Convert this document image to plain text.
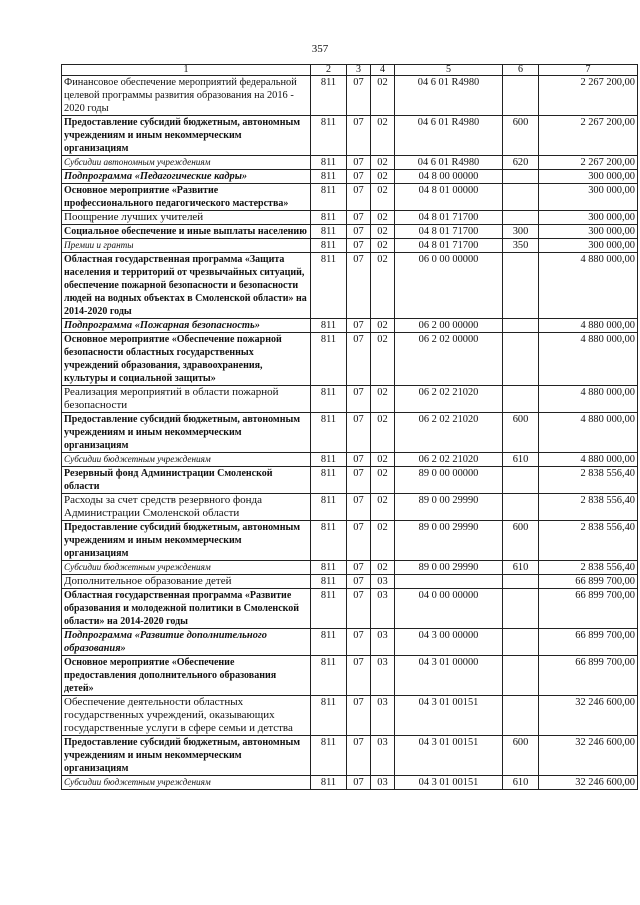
357
1	2	3	4	5	6	7
Финансовое обеспечение мероприятий федеральной целевой программы развития образования на 2016 - 2020 годы	811	07	02	04 6 01 R4980		2 267 200,00
Предоставление субсидий бюджетным, автономным учреждениям и иным некоммерческим организациям	811	07	02	04 6 01 R4980	600	2 267 200,00
Субсидии автономным учреждениям	811	07	02	04 6 01 R4980	620	2 267 200,00
Подпрограмма «Педагогические кадры»	811	07	02	04 8 00 00000		300 000,00
Основное мероприятие «Развитие профессионального педагогического мастерства»	811	07	02	04 8 01 00000		300 000,00
Поощрение лучших учителей	811	07	02	04 8 01 71700		300 000,00
Социальное обеспечение и иные выплаты населению	811	07	02	04 8 01 71700	300	300 000,00
Премии и гранты	811	07	02	04 8 01 71700	350	300 000,00
Областная государственная программа «Защита населения и территорий от чрезвычайных ситуаций, обеспечение пожарной безопасности и безопасности людей на водных объектах в Смоленской области» на 2014-2020 годы	811	07	02	06 0 00 00000		4 880 000,00
Подпрограмма «Пожарная безопасность»	811	07	02	06 2 00 00000		4 880 000,00
Основное мероприятие «Обеспечение пожарной безопасности областных государственных учреждений образования, здравоохранения, культуры и социальной защиты»	811	07	02	06 2 02 00000		4 880 000,00
Реализация мероприятий в области пожарной безопасности	811	07	02	06 2 02 21020		4 880 000,00
Предоставление субсидий бюджетным, автономным учреждениям и иным некоммерческим организациям	811	07	02	06 2 02 21020	600	4 880 000,00
Субсидии бюджетным учреждениям	811	07	02	06 2 02 21020	610	4 880 000,00
Резервный фонд Администрации Смоленской области	811	07	02	89 0 00 00000		2 838 556,40
Расходы за счет средств резервного фонда Администрации Смоленской области	811	07	02	89 0 00 29990		2 838 556,40
Предоставление субсидий бюджетным, автономным учреждениям и иным некоммерческим организациям	811	07	02	89 0 00 29990	600	2 838 556,40
Субсидии бюджетным учреждениям	811	07	02	89 0 00 29990	610	2 838 556,40
Дополнительное образование детей	811	07	03			66 899 700,00
Областная государственная программа «Развитие образования и молодежной политики в Смоленской области» на 2014-2020 годы	811	07	03	04 0 00 00000		66 899 700,00
Подпрограмма «Развитие дополнительного образования»	811	07	03	04 3 00 00000		66 899 700,00
Основное мероприятие «Обеспечение предоставления дополнительного образования детей»	811	07	03	04 3 01 00000		66 899 700,00
Обеспечение деятельности областных государственных учреждений, оказывающих государственные услуги в сфере семьи и детства	811	07	03	04 3 01 00151		32 246 600,00
Предоставление субсидий бюджетным, автономным учреждениям и иным некоммерческим организациям	811	07	03	04 3 01 00151	600	32 246 600,00
Субсидии бюджетным учреждениям	811	07	03	04 3 01 00151	610	32 246 600,00
